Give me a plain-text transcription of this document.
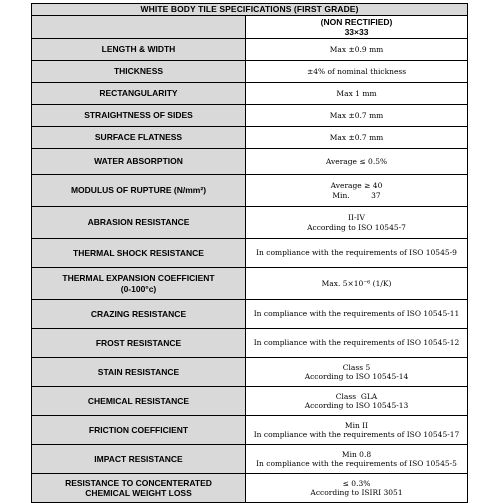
WHITE BODY TILE SPECIFICATIONS (FIRST GRADE)	

	(NON RECTIFIED)
33×33

LENGTH & WIDTH	Max ±0.9 mm

THICKNESS	±4% of nominal thickness

RECTANGULARITY	Max 1 mm

STRAIGHTNESS OF SIDES	Max ±0.7 mm

SURFACE FLATNESS	Max ±0.7 mm

WATER ABSORPTION	Average ≤ 0.5%

MODULUS OF RUPTURE (N/mm²)	Average ≥ 40
Min.         37

ABRASION RESISTANCE	II-IV
According to ISO 10545-7

THERMAL SHOCK RESISTANCE	In compliance with the requirements of ISO 10545-9

THERMAL EXPANSION COEFFICIENT
(0-100°c)	Max. 5×10⁻⁶ (1/K)

CRAZING RESISTANCE	In compliance with the requirements of ISO 10545-11

FROST RESISTANCE	In compliance with the requirements of ISO 10545-12

STAIN RESISTANCE	Class 5
According to ISO 10545-14

CHEMICAL RESISTANCE	Class  GLA
According to ISO 10545-13

FRICTION COEFFICIENT	Min II
In compliance with the requirements of ISO 10545-17

IMPACT RESISTANCE	Min 0.8
In compliance with the requirements of ISO 10545-5

RESISTANCE TO CONCENTERATED
CHEMICAL WEIGHT LOSS	≤ 0.3%
According to ISIRI 3051
